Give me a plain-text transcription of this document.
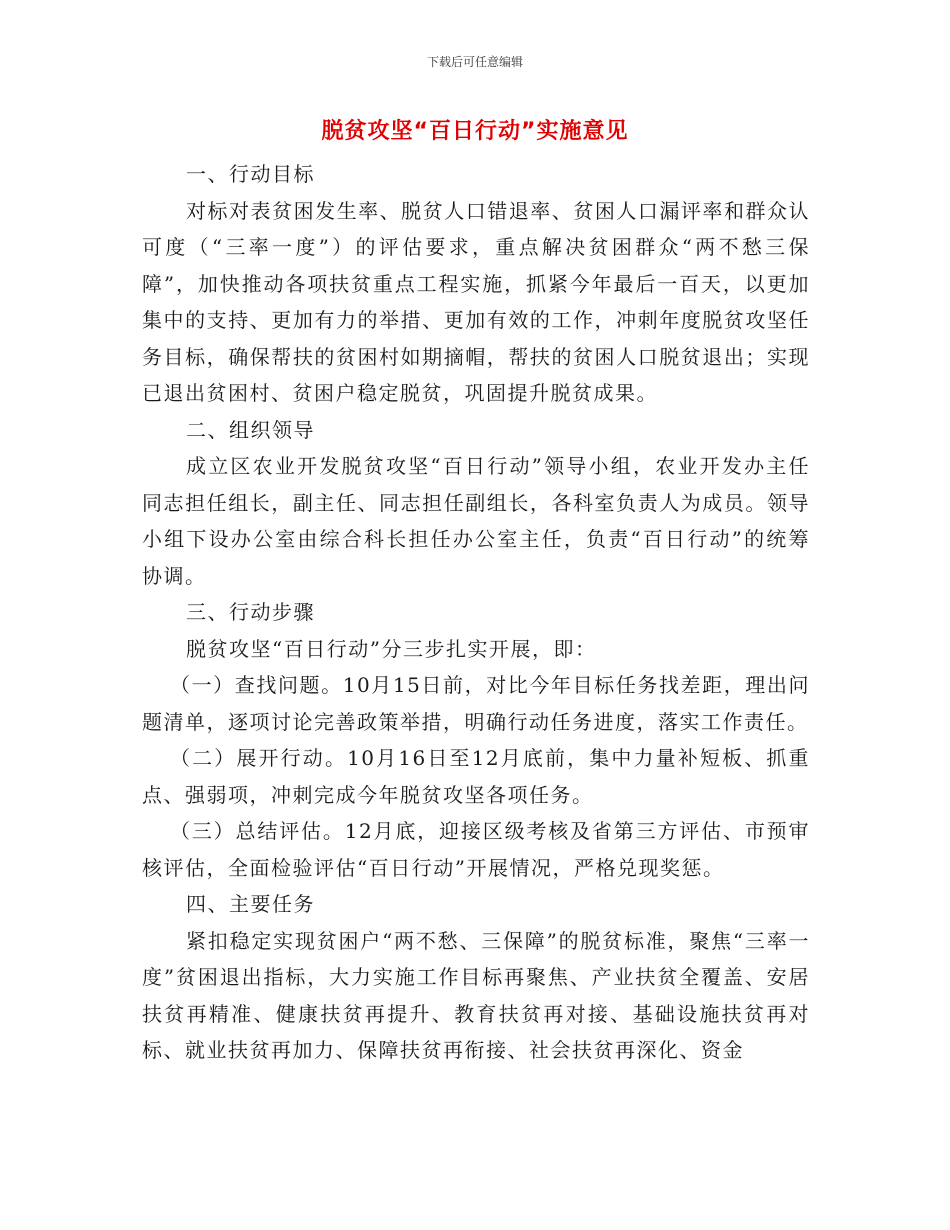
下载后可任意编辑
脱贫攻坚“百日行动”实施意见

一、行动目标

对标对表贫困发生率、脱贫人口错退率、贫困人口漏评率和群众认可度（“三率一度”）的评估要求，重点解决贫困群众“两不愁三保障”，加快推动各项扶贫重点工程实施，抓紧今年最后一百天，以更加集中的支持、更加有力的举措、更加有效的工作，冲刺年度脱贫攻坚任务目标，确保帮扶的贫困村如期摘帽，帮扶的贫困人口脱贫退出；实现已退出贫困村、贫困户稳定脱贫，巩固提升脱贫成果。

二、组织领导

成立区农业开发脱贫攻坚“百日行动”领导小组，农业开发办主任同志担任组长，副主任、同志担任副组长，各科室负责人为成员。领导小组下设办公室由综合科长担任办公室主任，负责“百日行动”的统筹协调。

三、行动步骤

脱贫攻坚“百日行动”分三步扎实开展，即：

（一）查找问题。10月15日前，对比今年目标任务找差距，理出问题清单，逐项讨论完善政策举措，明确行动任务进度，落实工作责任。

（二）展开行动。10月16日至12月底前，集中力量补短板、抓重点、强弱项，冲刺完成今年脱贫攻坚各项任务。

（三）总结评估。12月底，迎接区级考核及省第三方评估、市预审核评估，全面检验评估“百日行动”开展情况，严格兑现奖惩。

四、主要任务

紧扣稳定实现贫困户“两不愁、三保障”的脱贫标准，聚焦“三率一度”贫困退出指标，大力实施工作目标再聚焦、产业扶贫全覆盖、安居扶贫再精准、健康扶贫再提升、教育扶贫再对接、基础设施扶贫再对标、就业扶贫再加力、保障扶贫再衔接、社会扶贫再深化、资金
